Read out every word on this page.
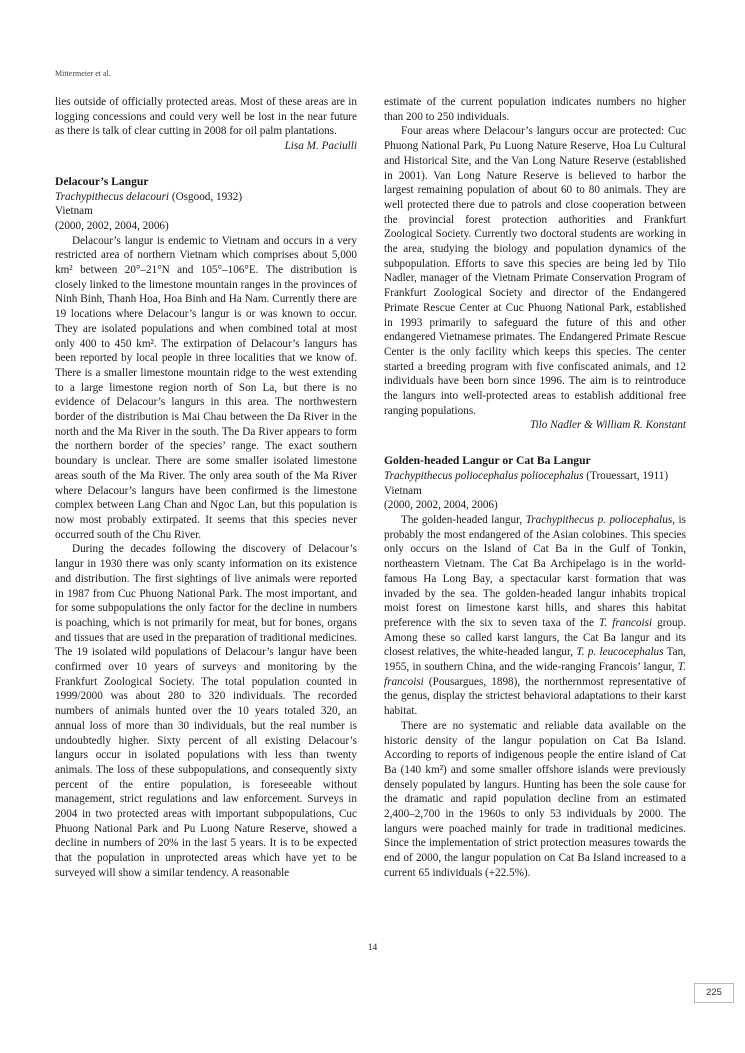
Mittermeier et al.

lies outside of officially protected areas. Most of these areas are in logging concessions and could very well be lost in the near future as there is talk of clear cutting in 2008 for oil palm plantations.

Lisa M. Paciulli

Delacour’s Langur

Trachypithecus delacouri (Osgood, 1932)

Vietnam

(2000, 2002, 2004, 2006)

Delacour’s langur is endemic to Vietnam and occurs in a very restricted area of northern Vietnam which comprises about 5,000 km² between 20°–21°N and 105°–106°E. The distribution is closely linked to the limestone mountain ranges in the provinces of Ninh Binh, Thanh Hoa, Hoa Binh and Ha Nam. Currently there are 19 locations where Delacour’s langur is or was known to occur. They are isolated populations and when combined total at most only 400 to 450 km². The extirpation of Delacour’s langurs has been reported by local people in three localities that we know of. There is a smaller limestone mountain ridge to the west extending to a large limestone region north of Son La, but there is no evidence of Delacour’s langurs in this area. The northwestern border of the distribution is Mai Chau between the Da River in the north and the Ma River in the south. The Da River appears to form the northern border of the species’ range. The exact southern boundary is unclear. There are some smaller isolated limestone areas south of the Ma River. The only area south of the Ma River where Delacour’s langurs have been confirmed is the limestone complex between Lang Chan and Ngoc Lan, but this population is now most probably extirpated. It seems that this species never occurred south of the Chu River.

During the decades following the discovery of Delacour’s langur in 1930 there was only scanty information on its existence and distribution. The first sightings of live animals were reported in 1987 from Cuc Phuong National Park. The most important, and for some subpopulations the only factor for the decline in numbers is poaching, which is not primarily for meat, but for bones, organs and tissues that are used in the preparation of traditional medicines. The 19 isolated wild populations of Delacour’s langur have been confirmed over 10 years of surveys and monitoring by the Frankfurt Zoological Society. The total population counted in 1999/2000 was about 280 to 320 individuals. The recorded numbers of animals hunted over the 10 years totaled 320, an annual loss of more than 30 individuals, but the real number is undoubtedly higher. Sixty percent of all existing Delacour’s langurs occur in isolated populations with less than twenty animals. The loss of these subpopulations, and consequently sixty percent of the entire population, is foreseeable without management, strict regulations and law enforcement. Surveys in 2004 in two protected areas with important subpopulations, Cuc Phuong National Park and Pu Luong Nature Reserve, showed a decline in numbers of 20% in the last 5 years. It is to be expected that the population in unprotected areas which have yet to be surveyed will show a similar tendency. A reasonable

estimate of the current population indicates numbers no higher than 200 to 250 individuals.

Four areas where Delacour’s langurs occur are protected: Cuc Phuong National Park, Pu Luong Nature Reserve, Hoa Lu Cultural and Historical Site, and the Van Long Nature Reserve (established in 2001). Van Long Nature Reserve is believed to harbor the largest remaining population of about 60 to 80 animals. They are well protected there due to patrols and close cooperation between the provincial forest protection authorities and Frankfurt Zoological Society. Currently two doctoral students are working in the area, studying the biology and population dynamics of the subpopulation. Efforts to save this species are being led by Tilo Nadler, manager of the Vietnam Primate Conservation Program of Frankfurt Zoological Society and director of the Endangered Primate Rescue Center at Cuc Phuong National Park, established in 1993 primarily to safeguard the future of this and other endangered Vietnamese primates. The Endangered Primate Rescue Center is the only facility which keeps this species. The center started a breeding program with five confiscated animals, and 12 individuals have been born since 1996. The aim is to reintroduce the langurs into well-protected areas to establish additional free ranging populations.

Tilo Nadler & William R. Konstant

Golden-headed Langur or Cat Ba Langur

Trachypithecus poliocephalus poliocephalus (Trouessart, 1911)

Vietnam

(2000, 2002, 2004, 2006)

The golden-headed langur, Trachypithecus p. poliocephalus, is probably the most endangered of the Asian colobines. This species only occurs on the Island of Cat Ba in the Gulf of Tonkin, northeastern Vietnam. The Cat Ba Archipelago is in the world-famous Ha Long Bay, a spectacular karst formation that was invaded by the sea. The golden-headed langur inhabits tropical moist forest on limestone karst hills, and shares this habitat preference with the six to seven taxa of the T. francoisi group. Among these so called karst langurs, the Cat Ba langur and its closest relatives, the white-headed langur, T. p. leucocephalus Tan, 1955, in southern China, and the wide-ranging Francois’ langur, T. francoisi (Pousargues, 1898), the northernmost representative of the genus, display the strictest behavioral adaptations to their karst habitat.

There are no systematic and reliable data available on the historic density of the langur population on Cat Ba Island. According to reports of indigenous people the entire island of Cat Ba (140 km²) and some smaller offshore islands were previously densely populated by langurs. Hunting has been the sole cause for the dramatic and rapid population decline from an estimated 2,400–2,700 in the 1960s to only 53 individuals by 2000. The langurs were poached mainly for trade in traditional medicines. Since the implementation of strict protection measures towards the end of 2000, the langur population on Cat Ba Island increased to a current 65 individuals (+22.5%).

14
225
